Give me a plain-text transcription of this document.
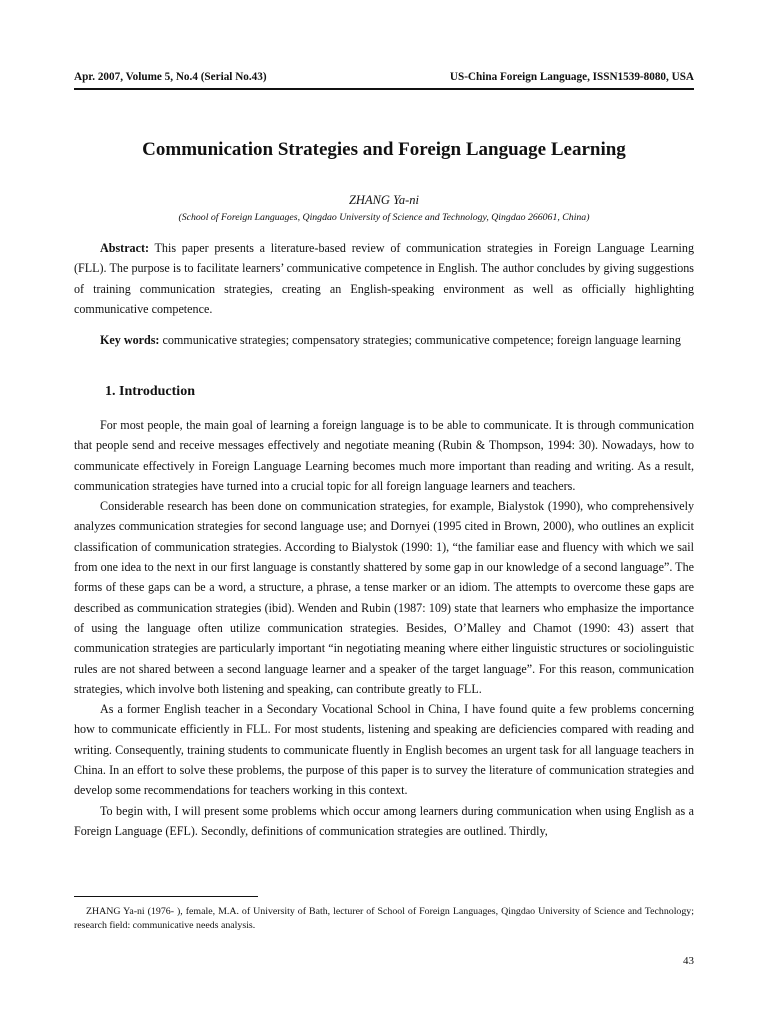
Apr. 2007, Volume 5, No.4 (Serial No.43)	US-China Foreign Language, ISSN1539-8080, USA
Communication Strategies and Foreign Language Learning
ZHANG Ya-ni
(School of Foreign Languages, Qingdao University of Science and Technology, Qingdao 266061, China)

Abstract: This paper presents a literature-based review of communication strategies in Foreign Language Learning (FLL). The purpose is to facilitate learners’ communicative competence in English. The author concludes by giving suggestions of training communication strategies, creating an English-speaking environment as well as officially highlighting communicative competence.

Key words: communicative strategies; compensatory strategies; communicative competence; foreign language learning

1. Introduction

For most people, the main goal of learning a foreign language is to be able to communicate. It is through communication that people send and receive messages effectively and negotiate meaning (Rubin & Thompson, 1994: 30). Nowadays, how to communicate effectively in Foreign Language Learning becomes much more important than reading and writing. As a result, communication strategies have turned into a crucial topic for all foreign language learners and teachers.

Considerable research has been done on communication strategies, for example, Bialystok (1990), who comprehensively analyzes communication strategies for second language use; and Dornyei (1995 cited in Brown, 2000), who outlines an explicit classification of communication strategies. According to Bialystok (1990: 1), “the familiar ease and fluency with which we sail from one idea to the next in our first language is constantly shattered by some gap in our knowledge of a second language”. The forms of these gaps can be a word, a structure, a phrase, a tense marker or an idiom. The attempts to overcome these gaps are described as communication strategies (ibid). Wenden and Rubin (1987: 109) state that learners who emphasize the importance of using the language often utilize communication strategies. Besides, O’Malley and Chamot (1990: 43) assert that communication strategies are particularly important “in negotiating meaning where either linguistic structures or sociolinguistic rules are not shared between a second language learner and a speaker of the target language”. For this reason, communication strategies, which involve both listening and speaking, can contribute greatly to FLL.

As a former English teacher in a Secondary Vocational School in China, I have found quite a few problems concerning how to communicate efficiently in FLL. For most students, listening and speaking are deficiencies compared with reading and writing. Consequently, training students to communicate fluently in English becomes an urgent task for all language teachers in China. In an effort to solve these problems, the purpose of this paper is to survey the literature of communication strategies and develop some recommendations for teachers working in this context.

To begin with, I will present some problems which occur among learners during communication when using English as a Foreign Language (EFL). Secondly, definitions of communication strategies are outlined. Thirdly,

ZHANG Ya-ni (1976- ), female, M.A. of University of Bath, lecturer of School of Foreign Languages, Qingdao University of Science and Technology; research field: communicative needs analysis.

43
